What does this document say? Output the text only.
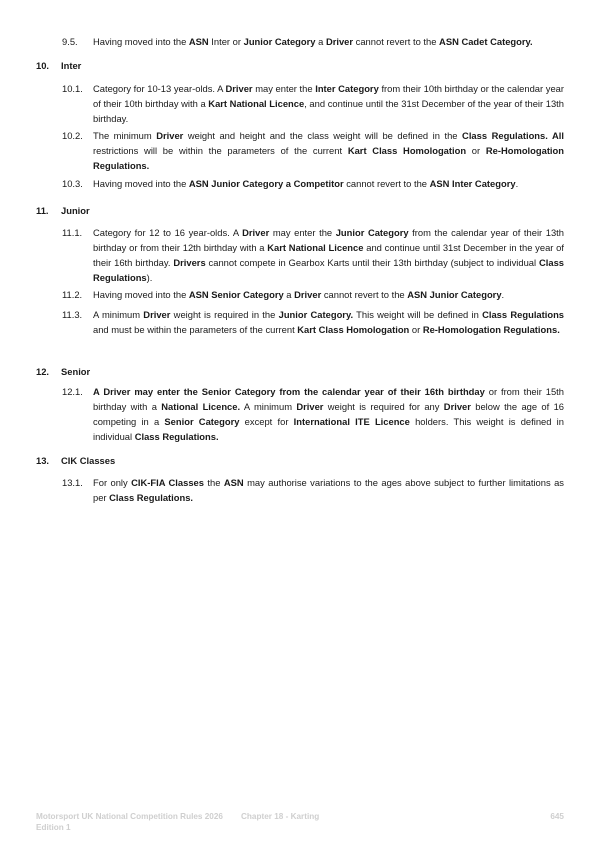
9.5. Having moved into the ASN Inter or Junior Category a Driver cannot revert to the ASN Cadet Category.
10. Inter
10.1. Category for 10-13 year-olds. A Driver may enter the Inter Category from their 10th birthday or the calendar year of their 10th birthday with a Kart National Licence, and continue until the 31st December of the year of their 13th birthday.
10.2. The minimum Driver weight and height and the class weight will be defined in the Class Regulations. All restrictions will be within the parameters of the current Kart Class Homologation or Re-Homologation Regulations.
10.3. Having moved into the ASN Junior Category a Competitor cannot revert to the ASN Inter Category.
11. Junior
11.1. Category for 12 to 16 year-olds. A Driver may enter the Junior Category from the calendar year of their 13th birthday or from their 12th birthday with a Kart National Licence and continue until 31st December in the year of their 16th birthday. Drivers cannot compete in Gearbox Karts until their 13th birthday (subject to individual Class Regulations).
11.2. Having moved into the ASN Senior Category a Driver cannot revert to the ASN Junior Category.
11.3. A minimum Driver weight is required in the Junior Category. This weight will be defined in Class Regulations and must be within the parameters of the current Kart Class Homologation or Re-Homologation Regulations.
12. Senior
12.1. A Driver may enter the Senior Category from the calendar year of their 16th birthday or from their 15th birthday with a National Licence. A minimum Driver weight is required for any Driver below the age of 16 competing in a Senior Category except for International ITE Licence holders. This weight is defined in individual Class Regulations.
13. CIK Classes
13.1. For only CIK-FIA Classes the ASN may authorise variations to the ages above subject to further limitations as per Class Regulations.
Motorsport UK National Competition Rules 2026
Edition 1
Chapter 18 - Karting	645
